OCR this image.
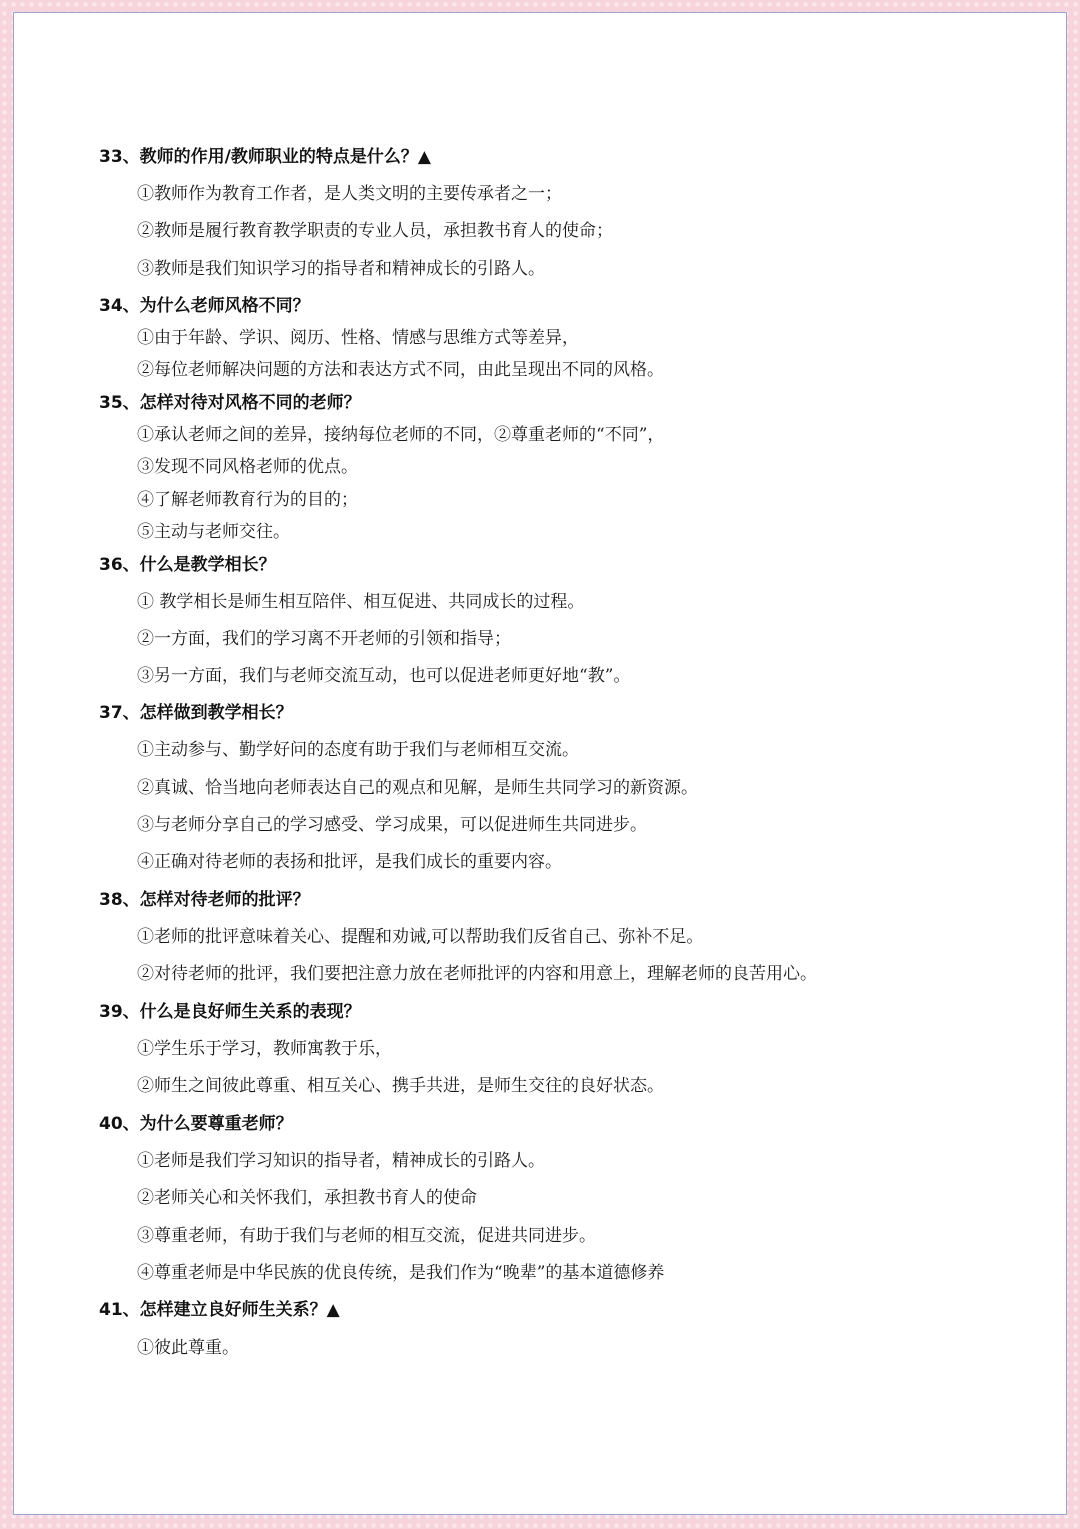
33、教师的作用/教师职业的特点是什么？▲
①教师作为教育工作者，是人类文明的主要传承者之一；
②教师是履行教育教学职责的专业人员，承担教书育人的使命；
③教师是我们知识学习的指导者和精神成长的引路人。
34、为什么老师风格不同？
①由于年龄、学识、阅历、性格、情感与思维方式等差异，
②每位老师解决问题的方法和表达方式不同，由此呈现出不同的风格。
35、怎样对待对风格不同的老师？
①承认老师之间的差异，接纳每位老师的不同，②尊重老师的“不同”，
③发现不同风格老师的优点。
④了解老师教育行为的目的；
⑤主动与老师交往。
36、什么是教学相长？
① 教学相长是师生相互陪伴、相互促进、共同成长的过程。
②一方面，我们的学习离不开老师的引领和指导；
③另一方面，我们与老师交流互动，也可以促进老师更好地“教”。
37、怎样做到教学相长？
①主动参与、勤学好问的态度有助于我们与老师相互交流。
②真诚、恰当地向老师表达自己的观点和见解，是师生共同学习的新资源。
③与老师分享自己的学习感受、学习成果，可以促进师生共同进步。
④正确对待老师的表扬和批评，是我们成长的重要内容。
38、怎样对待老师的批评？
①老师的批评意味着关心、提醒和劝诫,可以帮助我们反省自己、弥补不足。
②对待老师的批评，我们要把注意力放在老师批评的内容和用意上，理解老师的良苦用心。
39、什么是良好师生关系的表现？
①学生乐于学习，教师寓教于乐，
②师生之间彼此尊重、相互关心、携手共进，是师生交往的良好状态。
40、为什么要尊重老师？
①老师是我们学习知识的指导者，精神成长的引路人。
②老师关心和关怀我们，承担教书育人的使命
③尊重老师，有助于我们与老师的相互交流，促进共同进步。
④尊重老师是中华民族的优良传统，是我们作为“晚辈”的基本道德修养
41、怎样建立良好师生关系？▲
①彼此尊重。
